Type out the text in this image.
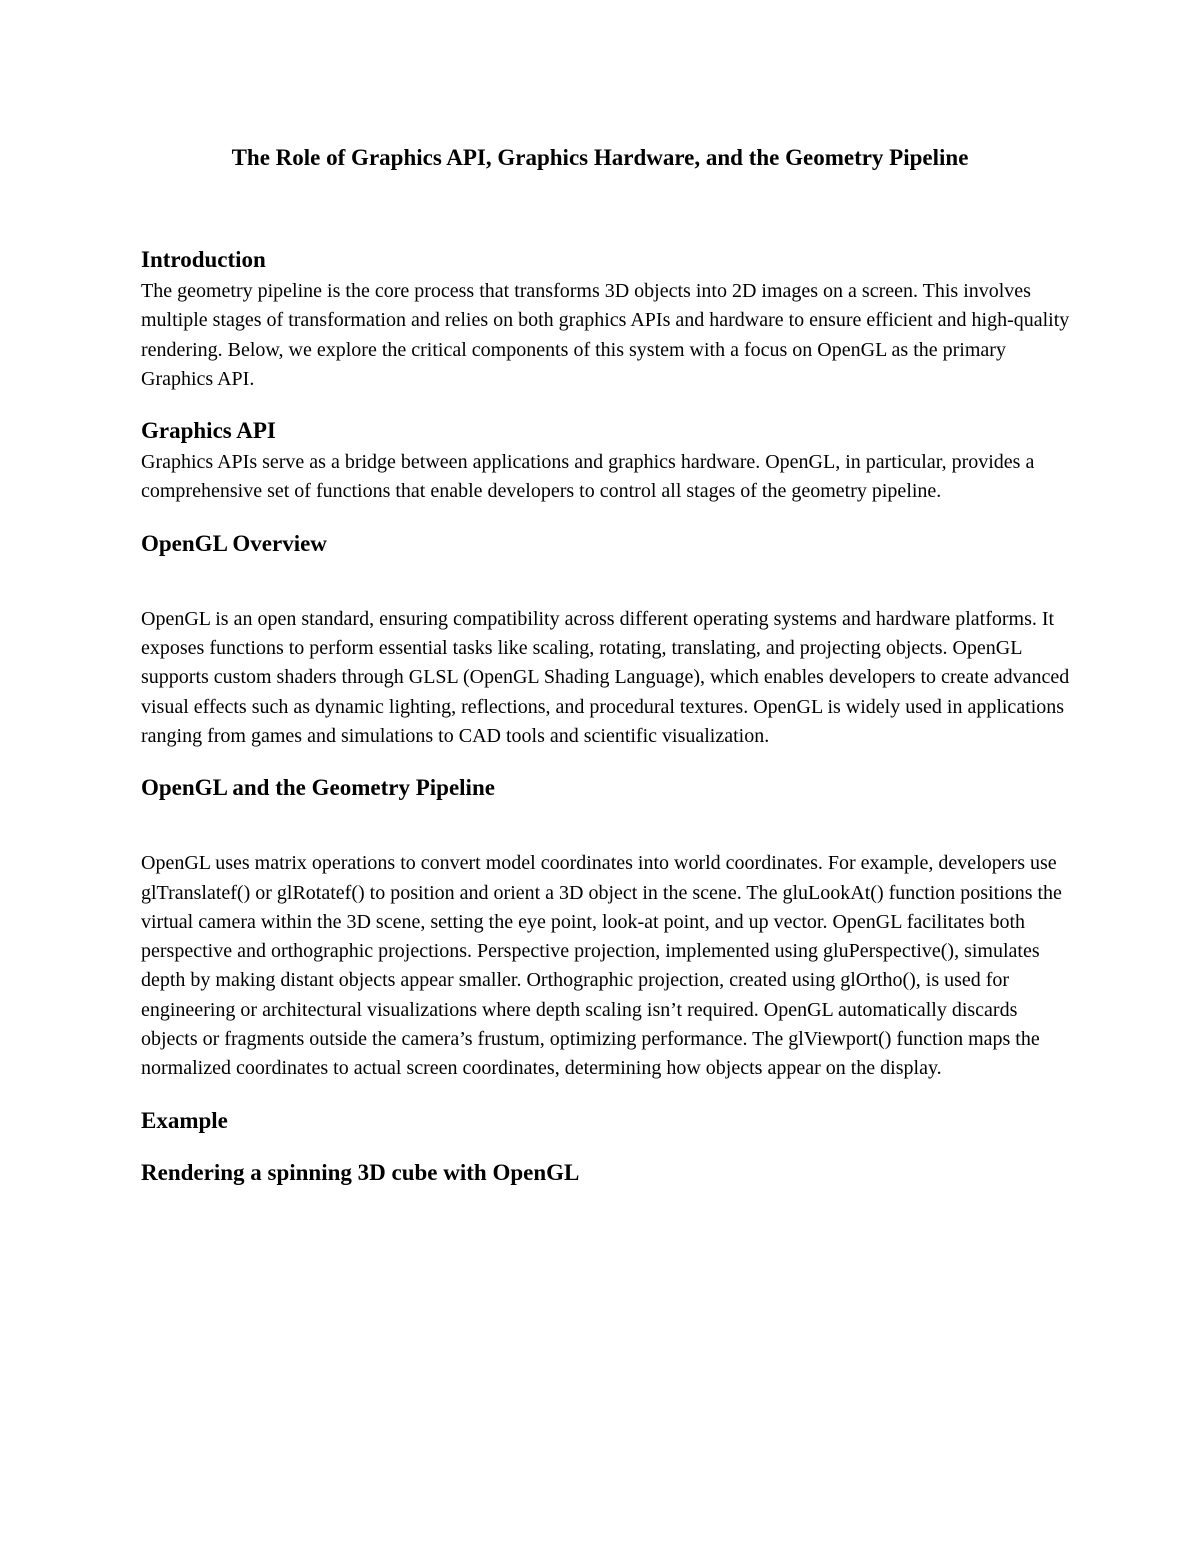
The Role of Graphics API, Graphics Hardware, and the Geometry Pipeline
Introduction

The geometry pipeline is the core process that transforms 3D objects into 2D images on a screen. This involves multiple stages of transformation and relies on both graphics APIs and hardware to ensure efficient and high-quality rendering. Below, we explore the critical components of this system with a focus on OpenGL as the primary Graphics API.

Graphics API

Graphics APIs serve as a bridge between applications and graphics hardware. OpenGL, in particular, provides a comprehensive set of functions that enable developers to control all stages of the geometry pipeline.

OpenGL Overview

OpenGL is an open standard, ensuring compatibility across different operating systems and hardware platforms. It exposes functions to perform essential tasks like scaling, rotating, translating, and projecting objects. OpenGL supports custom shaders through GLSL (OpenGL Shading Language), which enables developers to create advanced visual effects such as dynamic lighting, reflections, and procedural textures. OpenGL is widely used in applications ranging from games and simulations to CAD tools and scientific visualization.

OpenGL and the Geometry Pipeline

OpenGL uses matrix operations to convert model coordinates into world coordinates. For example, developers use glTranslatef() or glRotatef() to position and orient a 3D object in the scene. The gluLookAt() function positions the virtual camera within the 3D scene, setting the eye point, look-at point, and up vector. OpenGL facilitates both perspective and orthographic projections. Perspective projection, implemented using gluPerspective(), simulates depth by making distant objects appear smaller. Orthographic projection, created using glOrtho(), is used for engineering or architectural visualizations where depth scaling isn’t required. OpenGL automatically discards objects or fragments outside the camera’s frustum, optimizing performance. The glViewport() function maps the normalized coordinates to actual screen coordinates, determining how objects appear on the display.

Example
Rendering a spinning 3D cube with OpenGL
